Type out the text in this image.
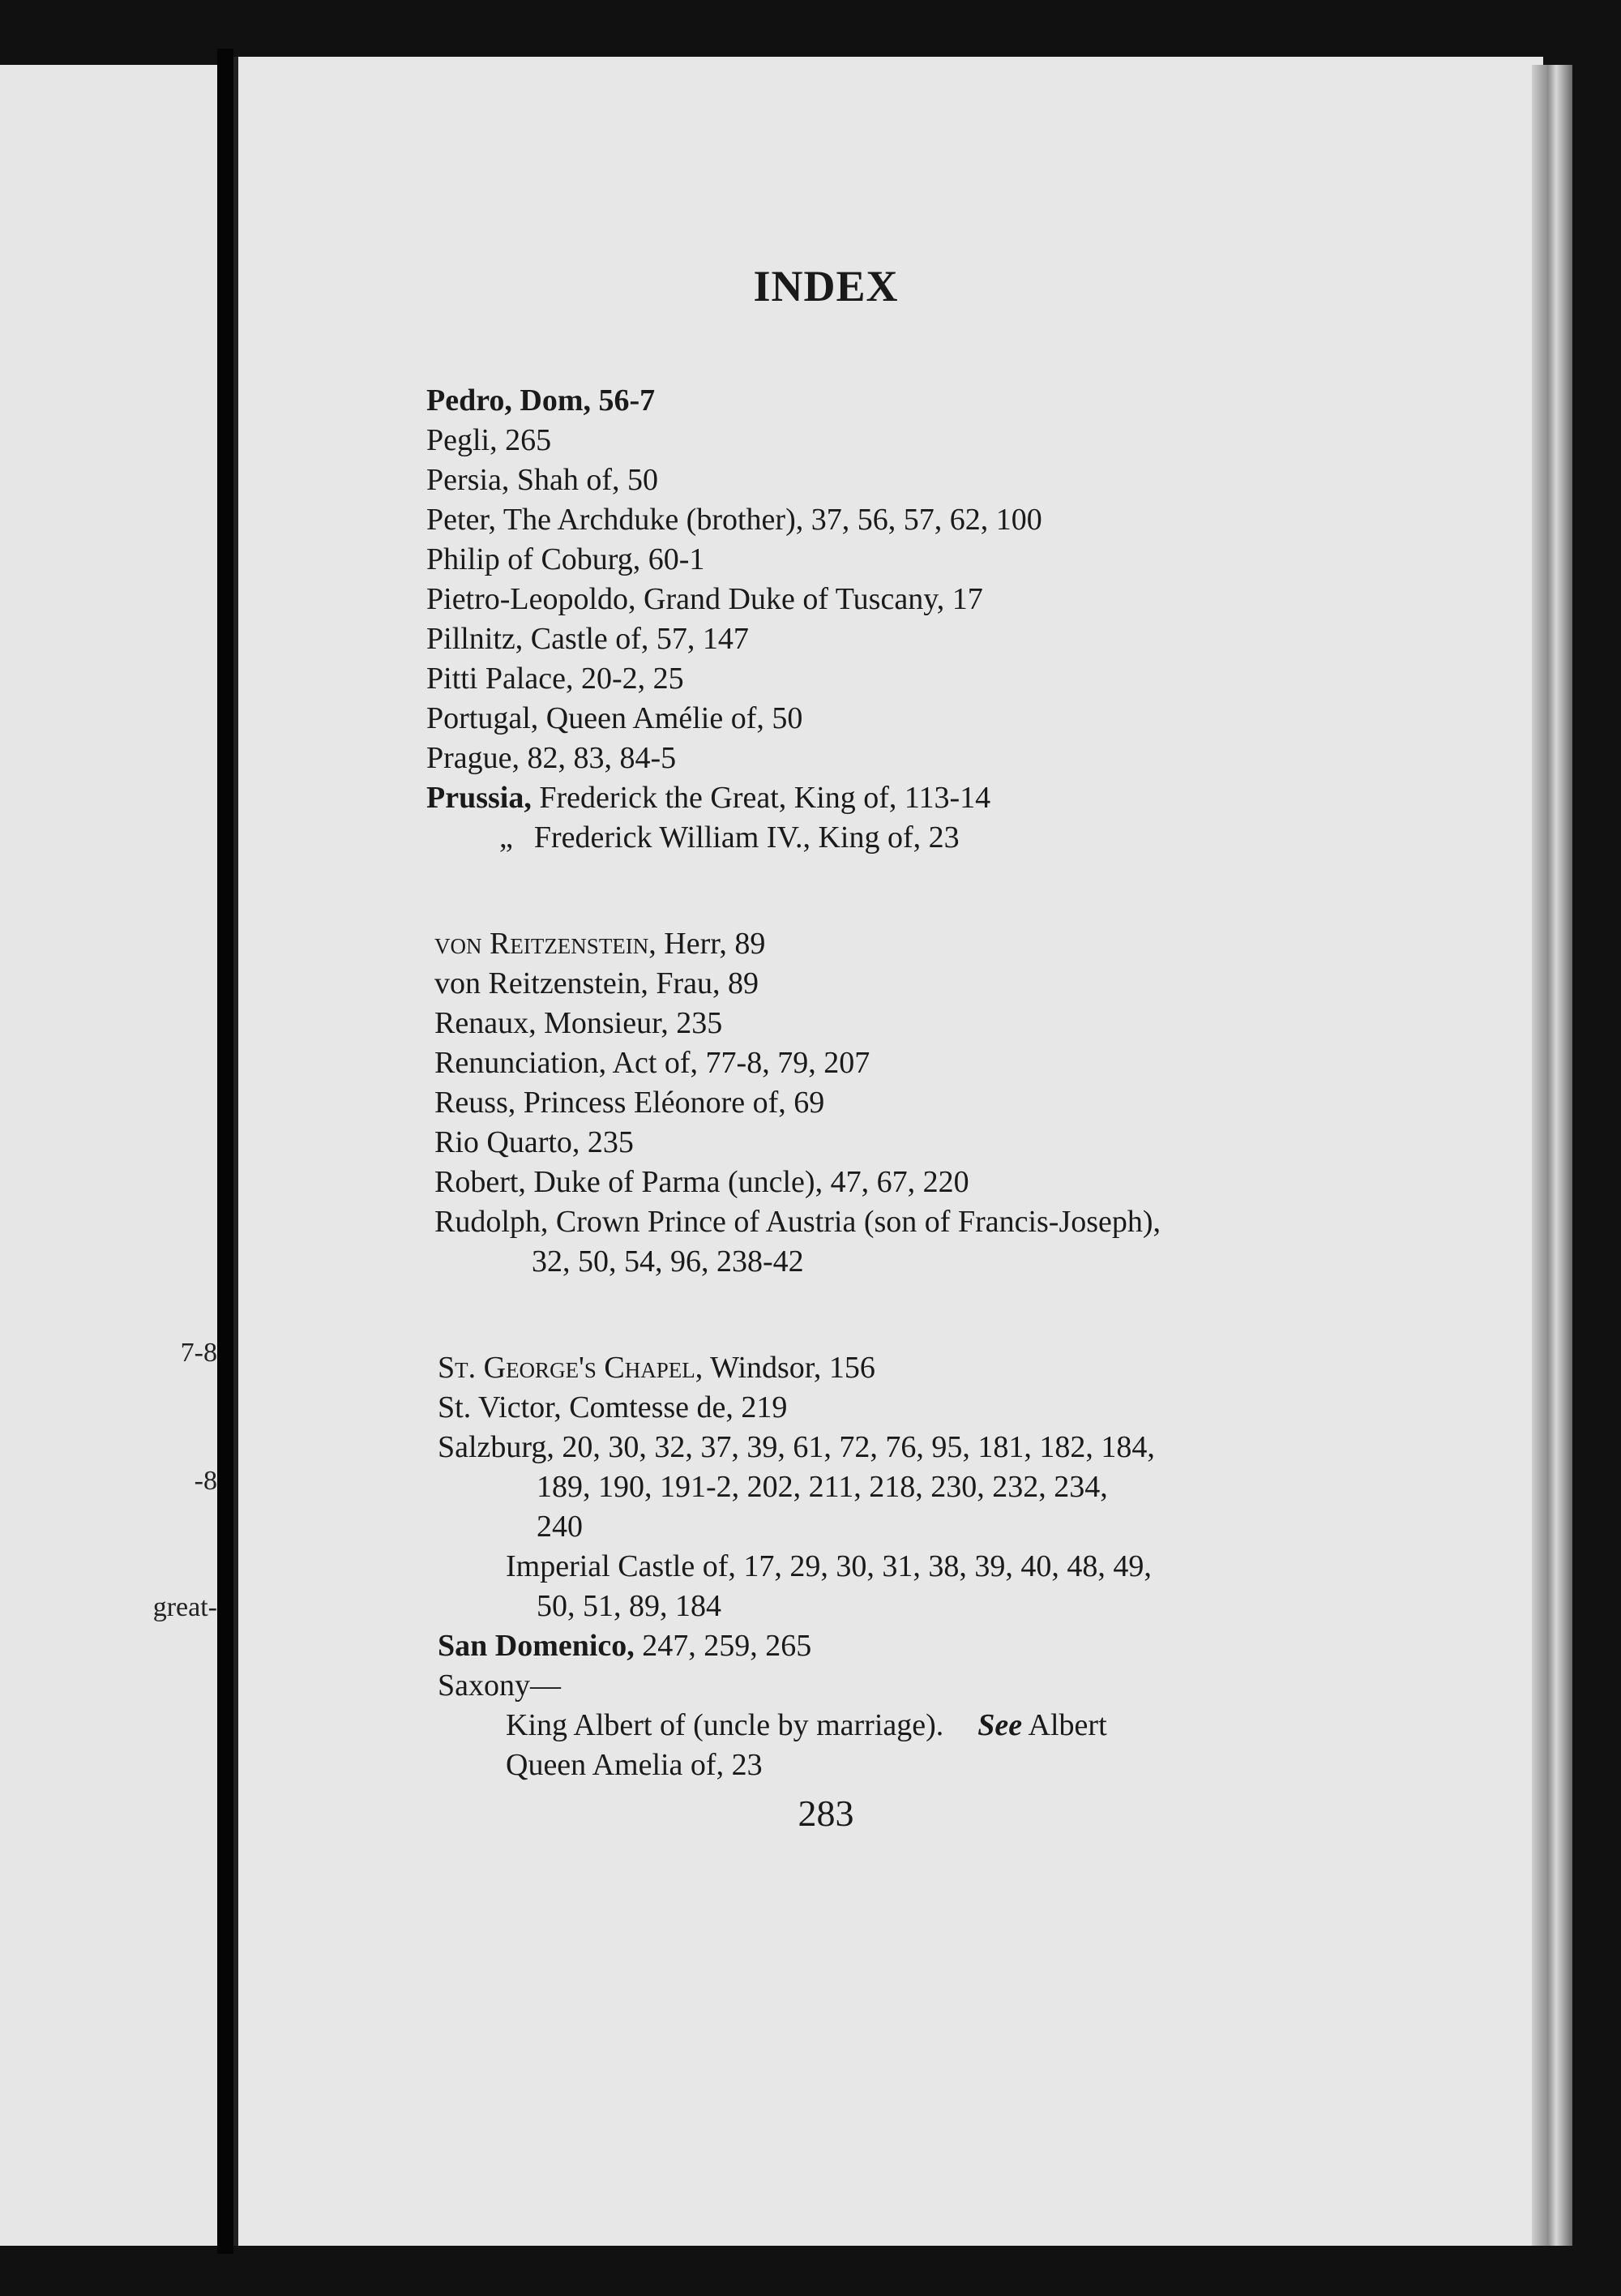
7-8
-8
great-
INDEX
Pedro, Dom, 56-7
Pegli, 265
Persia, Shah of, 50
Peter, The Archduke (brother), 37, 56, 57, 62, 100
Philip of Coburg, 60-1
Pietro-Leopoldo, Grand Duke of Tuscany, 17
Pillnitz, Castle of, 57, 147
Pitti Palace, 20-2, 25
Portugal, Queen Amélie of, 50
Prague, 82, 83, 84-5
Prussia, Frederick the Great, King of, 113-14
„ Frederick William IV., King of, 23
von Reitzenstein, Herr, 89
von Reitzenstein, Frau, 89
Renaux, Monsieur, 235
Renunciation, Act of, 77-8, 79, 207
Reuss, Princess Eléonore of, 69
Rio Quarto, 235
Robert, Duke of Parma (uncle), 47, 67, 220
Rudolph, Crown Prince of Austria (son of Francis-Joseph),
32, 50, 54, 96, 238-42
St. George's Chapel, Windsor, 156
St. Victor, Comtesse de, 219
Salzburg, 20, 30, 32, 37, 39, 61, 72, 76, 95, 181, 182, 184,
189, 190, 191-2, 202, 211, 218, 230, 232, 234,
240
Imperial Castle of, 17, 29, 30, 31, 38, 39, 40, 48, 49,
50, 51, 89, 184
San Domenico, 247, 259, 265
Saxony—
King Albert of (uncle by marriage). See Albert
Queen Amelia of, 23
283
